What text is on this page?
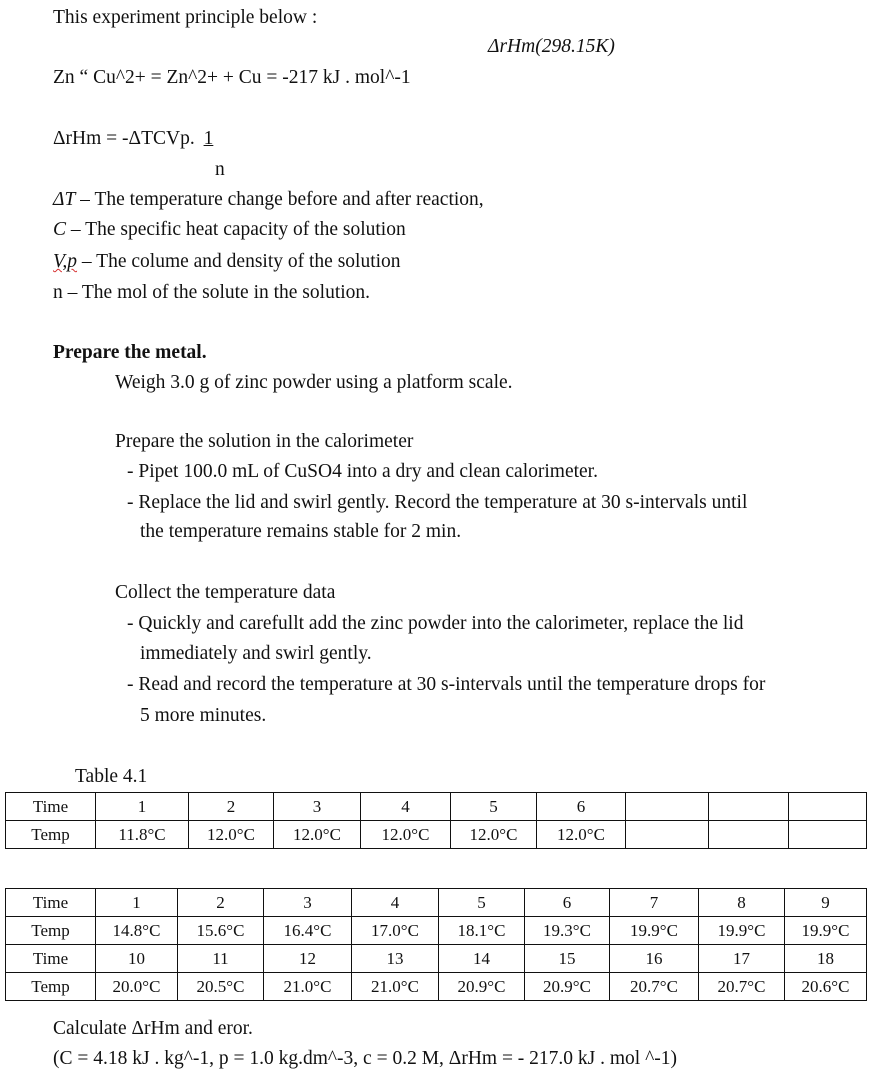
This experiment principle below :
ΔrHm(298.15K)
Zn “ Cu^2+ = Zn^2+ + Cu = -217 kJ . mol^-1
ΔrHm = -ΔTCVp. 1
n
ΔT – The temperature change before and after reaction,
C – The specific heat capacity of the solution
V,p – The colume and density of the solution
n – The mol of the solute in the solution.
Prepare the metal.
Weigh 3.0 g of zinc powder using a platform scale.
Prepare the solution in the calorimeter
- Pipet 100.0 mL of CuSO4 into a dry and clean calorimeter.
- Replace the lid and swirl gently. Record the temperature at 30 s-intervals until
the temperature remains stable for 2 min.
Collect the temperature data
- Quickly and carefullt add the zinc powder into the calorimeter, replace the lid
immediately and swirl gently.
- Read and record the temperature at 30 s-intervals until the temperature drops for
5 more minutes.
Table 4.1
Time	1	2	3	4	5	6			
Temp	11.8°C	12.0°C	12.0°C	12.0°C	12.0°C	12.0°C			
Time	1	2	3	4	5	6	7	8	9
Temp	14.8°C	15.6°C	16.4°C	17.0°C	18.1°C	19.3°C	19.9°C	19.9°C	19.9°C
Time	10	11	12	13	14	15	16	17	18
Temp	20.0°C	20.5°C	21.0°C	21.0°C	20.9°C	20.9°C	20.7°C	20.7°C	20.6°C
Calculate ΔrHm and eror.
(C = 4.18 kJ . kg^-1, p = 1.0 kg.dm^-3, c = 0.2 M, ΔrHm = - 217.0 kJ . mol ^-1)
